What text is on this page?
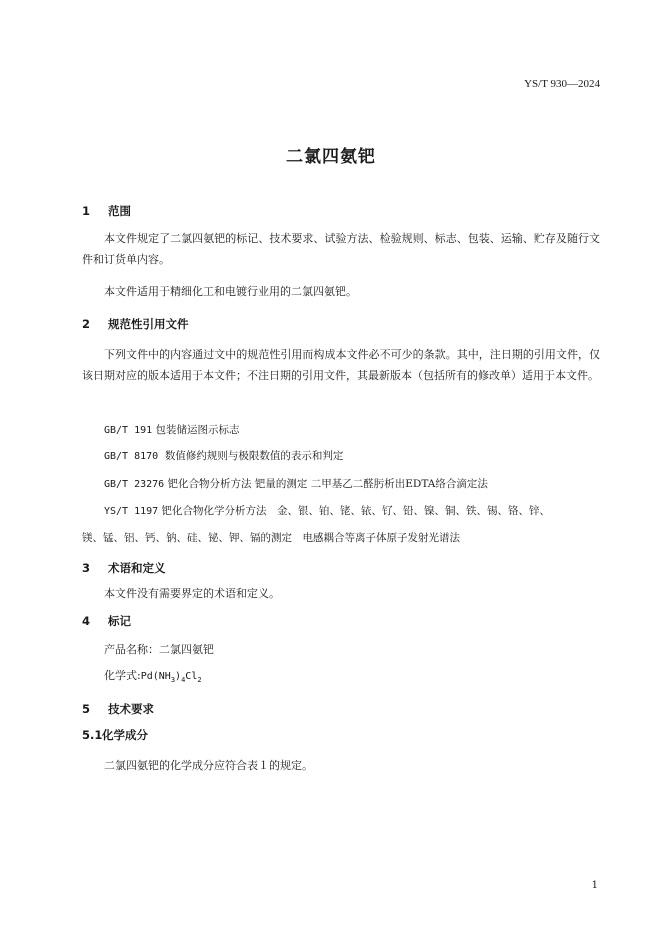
YS/T 930—2024
二氯四氨钯
1 范围
本文件规定了二氯四氨钯的标记、技术要求、试验方法、检验规则、标志、包装、运输、贮存及随行文件和订货单内容。
本文件适用于精细化工和电镀行业用的二氯四氨钯。
2 规范性引用文件
下列文件中的内容通过文中的规范性引用而构成本文件必不可少的条款。其中，注日期的引用文件，仅该日期对应的版本适用于本文件；不注日期的引用文件，其最新版本（包括所有的修改单）适用于本文件。
GB/T 191 包装储运图示标志
GB/T 8170 数值修约规则与极限数值的表示和判定
GB/T 23276 钯化合物分析方法 钯量的测定 二甲基乙二醛肟析出EDTA络合滴定法
YS/T 1197 钯化合物化学分析方法　金、银、铂、铑、铱、钌、铅、镍、铜、铁、锡、铬、锌、
镁、锰、铝、钙、钠、硅、铋、钾、镉的测定　电感耦合等离子体原子发射光谱法
3 术语和定义
本文件没有需要界定的术语和定义。
4 标记
产品名称：二氯四氨钯
化学式$:Pd(NH_3)_4Cl_2$
5 技术要求
5.1化学成分
二氯四氨钯的化学成分应符合表１的规定。
1
